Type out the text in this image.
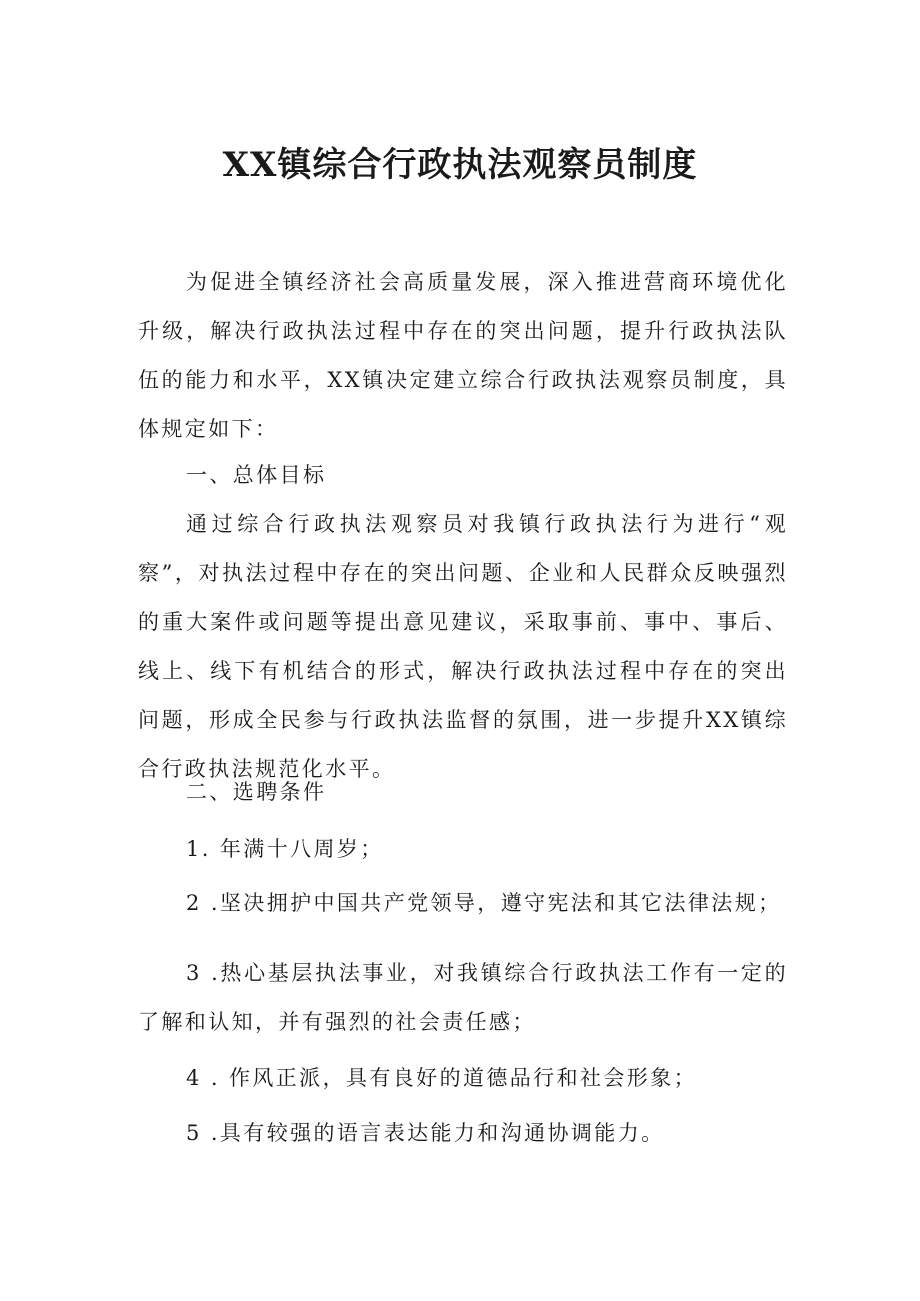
XX镇综合行政执法观察员制度

为促进全镇经济社会高质量发展，深入推进营商环境优化升级，解决行政执法过程中存在的突出问题，提升行政执法队伍的能力和水平，XX镇决定建立综合行政执法观察员制度，具体规定如下：

一、总体目标

通过综合行政执法观察员对我镇行政执法行为进行“观察”，对执法过程中存在的突出问题、企业和人民群众反映强烈的重大案件或问题等提出意见建议，采取事前、事中、事后、线上、线下有机结合的形式，解决行政执法过程中存在的突出问题，形成全民参与行政执法监督的氛围，进一步提升XX镇综合行政执法规范化水平。

二、选聘条件

1. 年满十八周岁；

2 .坚决拥护中国共产党领导，遵守宪法和其它法律法规；

3 .热心基层执法事业，对我镇综合行政执法工作有一定的了解和认知，并有强烈的社会责任感；

4 . 作风正派，具有良好的道德品行和社会形象；

5 .具有较强的语言表达能力和沟通协调能力。
